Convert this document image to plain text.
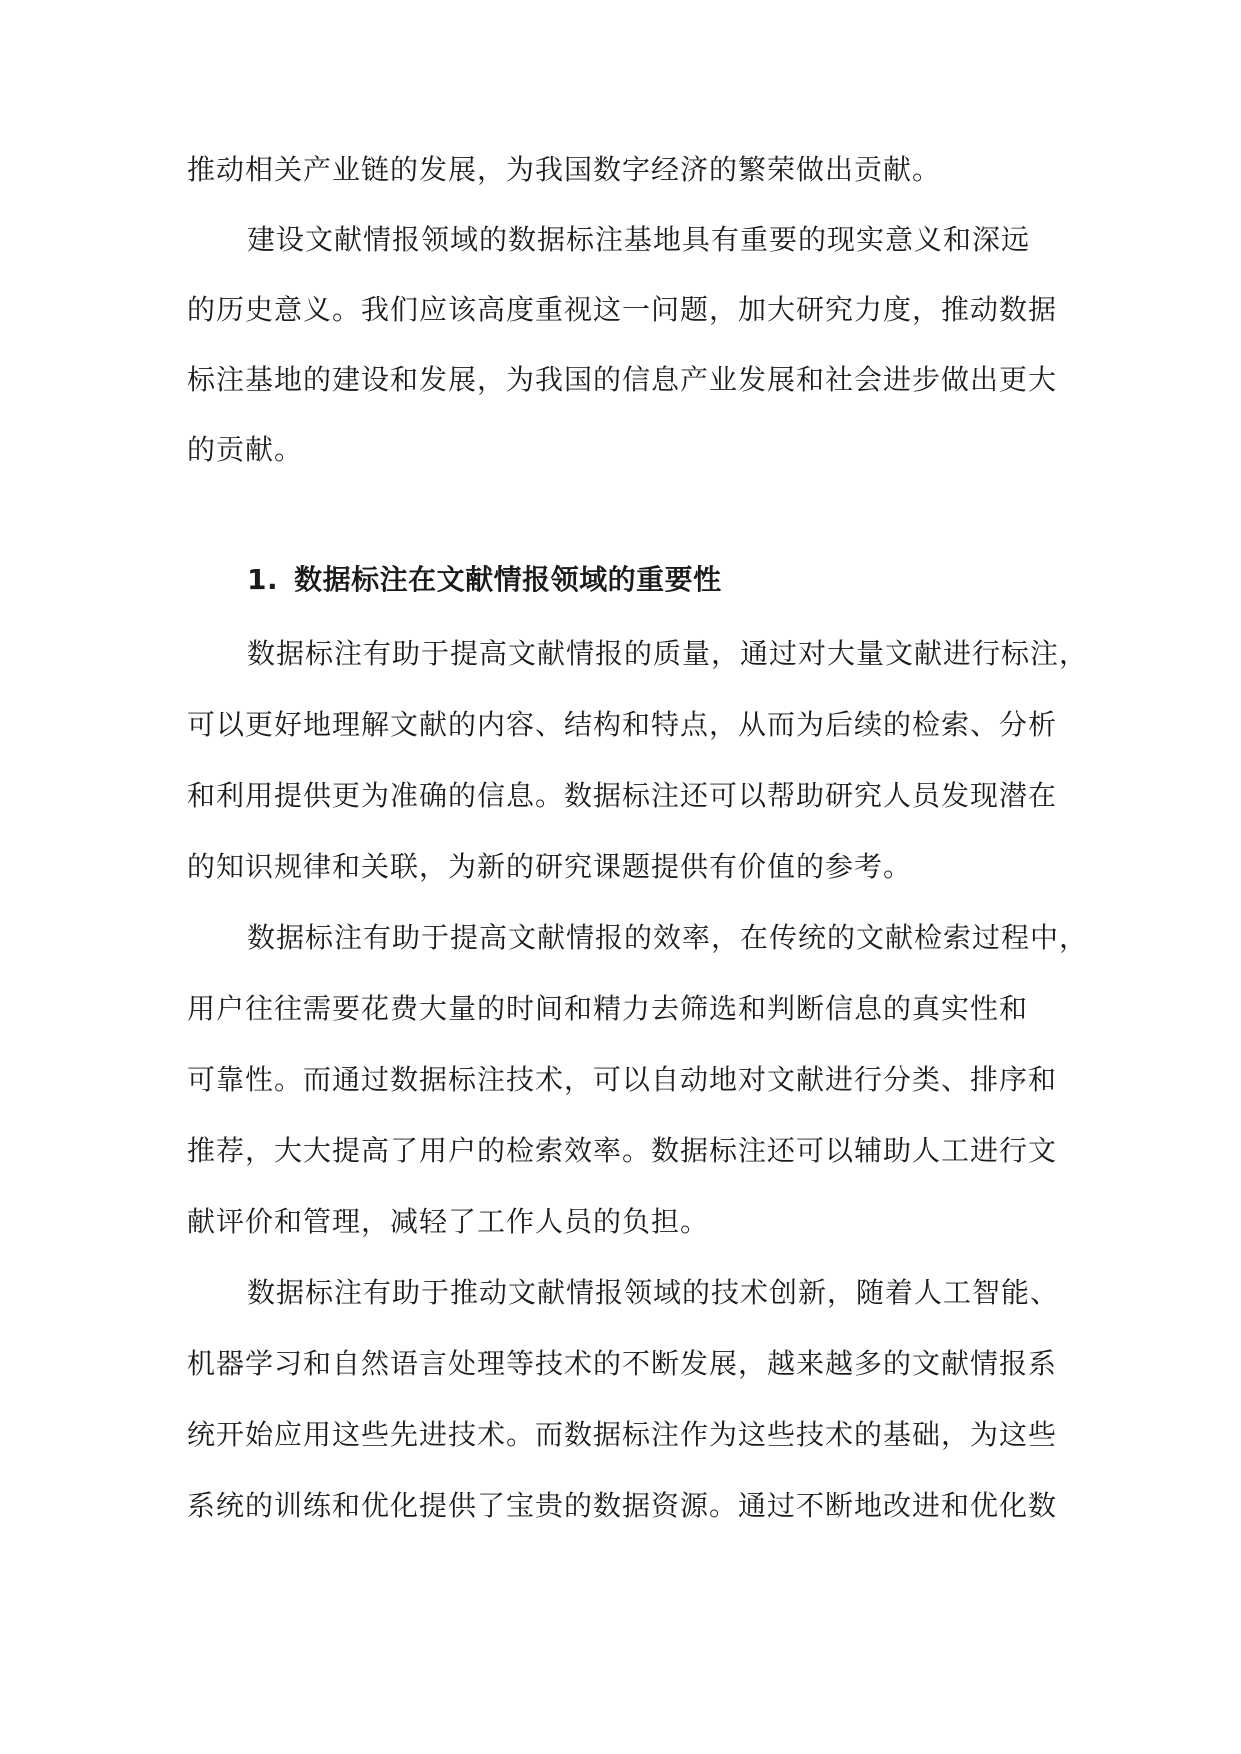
推动相关产业链的发展，为我国数字经济的繁荣做出贡献。

建设文献情报领域的数据标注基地具有重要的现实意义和深远

的历史意义。我们应该高度重视这一问题，加大研究力度，推动数据

标注基地的建设和发展，为我国的信息产业发展和社会进步做出更大

的贡献。

1. 数据标注在文献情报领域的重要性

数据标注有助于提高文献情报的质量，通过对大量文献进行标注，

可以更好地理解文献的内容、结构和特点，从而为后续的检索、分析

和利用提供更为准确的信息。数据标注还可以帮助研究人员发现潜在

的知识规律和关联，为新的研究课题提供有价值的参考。

数据标注有助于提高文献情报的效率，在传统的文献检索过程中，

用户往往需要花费大量的时间和精力去筛选和判断信息的真实性和

可靠性。而通过数据标注技术，可以自动地对文献进行分类、排序和

推荐，大大提高了用户的检索效率。数据标注还可以辅助人工进行文

献评价和管理，减轻了工作人员的负担。

数据标注有助于推动文献情报领域的技术创新，随着人工智能、

机器学习和自然语言处理等技术的不断发展，越来越多的文献情报系

统开始应用这些先进技术。而数据标注作为这些技术的基础，为这些

系统的训练和优化提供了宝贵的数据资源。通过不断地改进和优化数
